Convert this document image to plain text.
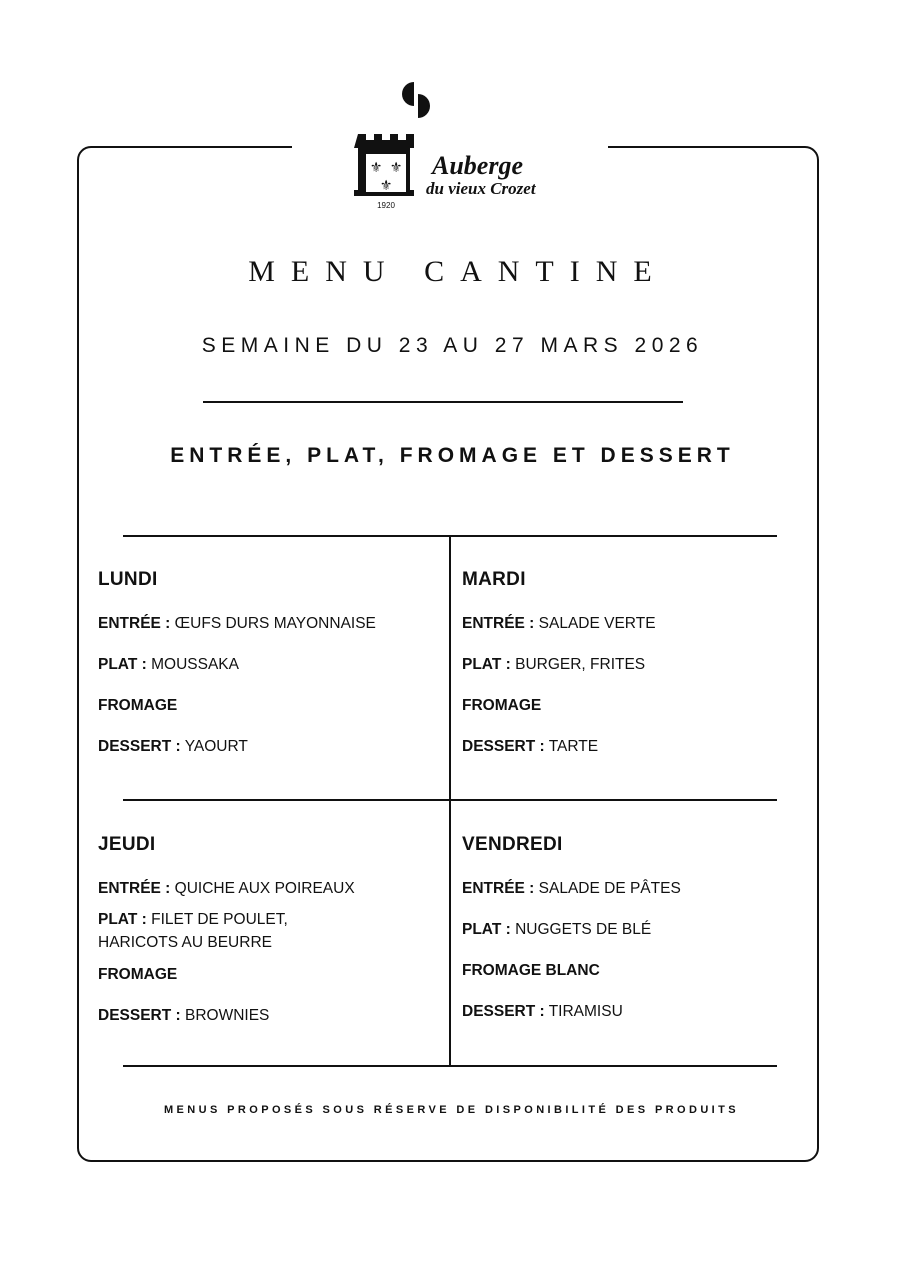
⚜ ⚜
⚜
Auberge
du vieux Crozet
1920
MENU CANTINE
SEMAINE DU 23 AU 27 MARS 2026
ENTRÉE, PLAT, FROMAGE ET DESSERT
LUNDI
ENTRÉE : ŒUFS DURS MAYONNAISE
PLAT : MOUSSAKA
FROMAGE
DESSERT : YAOURT
MARDI
ENTRÉE : SALADE VERTE
PLAT : BURGER, FRITES
FROMAGE
DESSERT : TARTE
JEUDI
ENTRÉE : QUICHE AUX POIREAUX
PLAT : FILET DE POULET,
HARICOTS AU BEURRE
FROMAGE
DESSERT : BROWNIES
VENDREDI
ENTRÉE : SALADE DE PÂTES
PLAT : NUGGETS DE BLÉ
FROMAGE BLANC
DESSERT : TIRAMISU
MENUS PROPOSÉS SOUS RÉSERVE DE DISPONIBILITÉ DES PRODUITS
